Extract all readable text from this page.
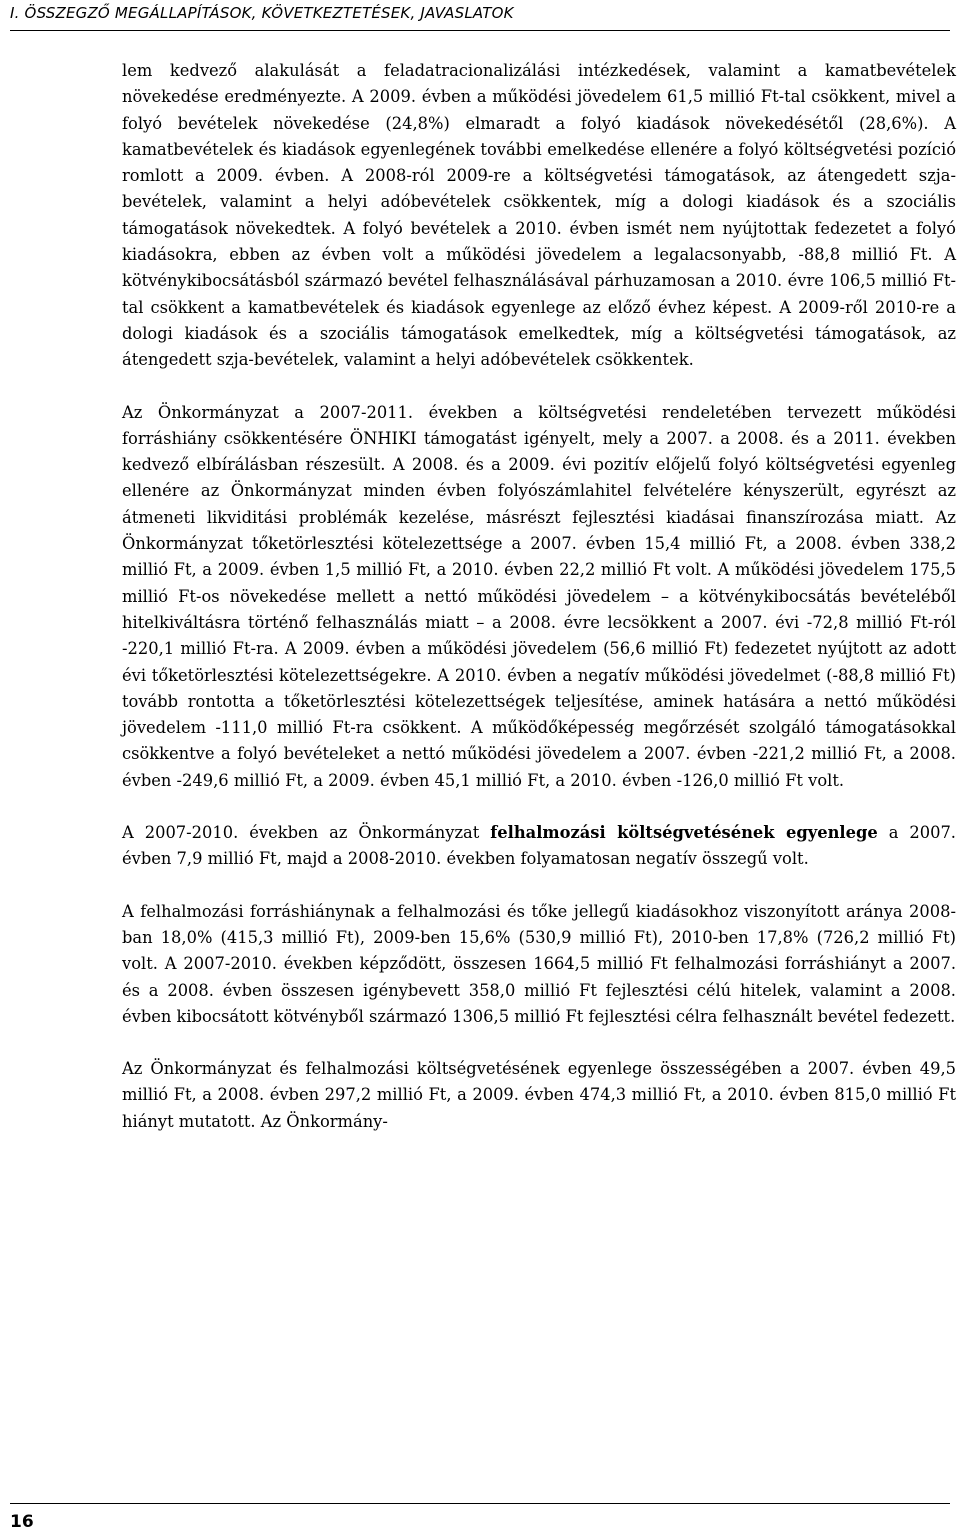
I. ÖSSZEGZŐ MEGÁLLAPÍTÁSOK, KÖVETKEZTETÉSEK, JAVASLATOK

lem kedvező alakulását a feladatracionalizálási intézkedések, valamint a kamatbevételek növekedése eredményezte. A 2009. évben a működési jövedelem 61,5 millió Ft-tal csökkent, mivel a folyó bevételek növekedése (24,8%) elmaradt a folyó kiadások növekedésétől (28,6%). A kamatbevételek és kiadások egyenlegének további emelkedése ellenére a folyó költségvetési pozíció romlott a 2009. évben. A 2008-ról 2009-re a költségvetési támogatások, az átengedett szja-bevételek, valamint a helyi adóbevételek csökkentek, míg a dologi kiadások és a szociális támogatások növekedtek. A folyó bevételek a 2010. évben ismét nem nyújtottak fedezetet a folyó kiadásokra, ebben az évben volt a működési jövedelem a legalacsonyabb, -88,8 millió Ft. A kötvénykibocsátásból származó bevétel felhasználásával párhuzamosan a 2010. évre 106,5 millió Ft-tal csökkent a kamatbevételek és kiadások egyenlege az előző évhez képest. A 2009-ről 2010-re a dologi kiadások és a szociális támogatások emelkedtek, míg a költségvetési támogatások, az átengedett szja-bevételek, valamint a helyi adóbevételek csökkentek.

Az Önkormányzat a 2007-2011. években a költségvetési rendeletében tervezett működési forráshiány csökkentésére ÖNHIKI támogatást igényelt, mely a 2007. a 2008. és a 2011. években kedvező elbírálásban részesült. A 2008. és a 2009. évi pozitív előjelű folyó költségvetési egyenleg ellenére az Önkormányzat minden évben folyószámlahitel felvételére kényszerült, egyrészt az átmeneti likviditási problémák kezelése, másrészt fejlesztési kiadásai finanszírozása miatt. Az Önkormányzat tőketörlesztési kötelezettsége a 2007. évben 15,4 millió Ft, a 2008. évben 338,2 millió Ft, a 2009. évben 1,5 millió Ft, a 2010. évben 22,2 millió Ft volt. A működési jövedelem 175,5 millió Ft-os növekedése mellett a nettó működési jövedelem – a kötvénykibocsátás bevételéből hitelkiváltásra történő felhasználás miatt – a 2008. évre lecsökkent a 2007. évi -72,8 millió Ft-ról -220,1 millió Ft-ra. A 2009. évben a működési jövedelem (56,6 millió Ft) fedezetet nyújtott az adott évi tőketörlesztési kötelezettségekre. A 2010. évben a negatív működési jövedelmet (-88,8 millió Ft) tovább rontotta a tőketörlesztési kötelezettségek teljesítése, aminek hatására a nettó működési jövedelem -111,0 millió Ft-ra csökkent. A működőképesség megőrzését szolgáló támogatásokkal csökkentve a folyó bevételeket a nettó működési jövedelem a 2007. évben -221,2 millió Ft, a 2008. évben -249,6 millió Ft, a 2009. évben 45,1 millió Ft, a 2010. évben -126,0 millió Ft volt.

A 2007-2010. években az Önkormányzat felhalmozási költségvetésének egyenlege a 2007. évben 7,9 millió Ft, majd a 2008-2010. években folyamatosan negatív összegű volt.

A felhalmozási forráshiánynak a felhalmozási és tőke jellegű kiadásokhoz viszonyított aránya 2008-ban 18,0% (415,3 millió Ft), 2009-ben 15,6% (530,9 millió Ft), 2010-ben 17,8% (726,2 millió Ft) volt. A 2007-2010. években képződött, összesen 1664,5 millió Ft felhalmozási forráshiányt a 2007. és a 2008. évben összesen igénybevett 358,0 millió Ft fejlesztési célú hitelek, valamint a 2008. évben kibocsátott kötvényből származó 1306,5 millió Ft fejlesztési célra felhasznált bevétel fedezett.

Az Önkormányzat és felhalmozási költségvetésének egyenlege összességében a 2007. évben 49,5 millió Ft, a 2008. évben 297,2 millió Ft, a 2009. évben 474,3 millió Ft, a 2010. évben 815,0 millió Ft hiányt mutatott. Az Önkormány-

16
